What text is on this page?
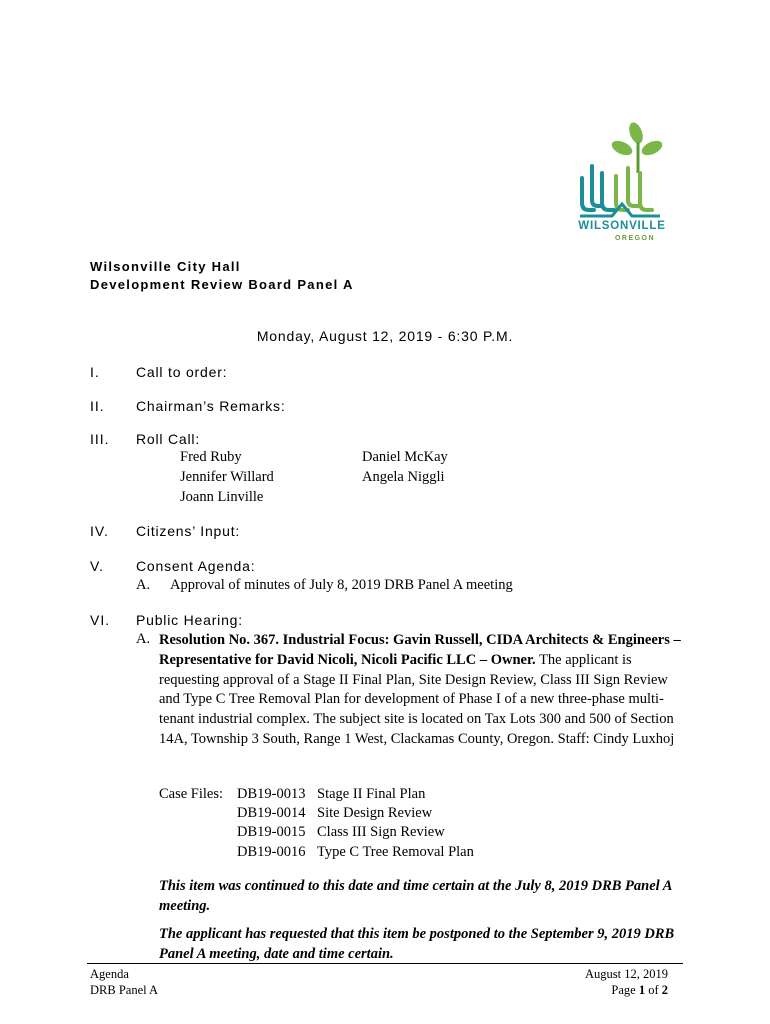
WILSONVILLE
OREGON
Wilsonville City Hall
Development Review Board Panel A
Monday, August 12, 2019 - 6:30 P.M.
I.	Call to order:
II. Chairman’s Remarks:
III. Roll Call:
Fred Ruby
Jennifer Willard
Joann Linville
Daniel McKay
Angela Niggli
IV. Citizens’ Input:
V. Consent Agenda:
A. Approval of minutes of July 8, 2019 DRB Panel A meeting
VI. Public Hearing:
A. Resolution No. 367. Industrial Focus: Gavin Russell, CIDA Architects & Engineers – Representative for David Nicoli, Nicoli Pacific LLC – Owner. The applicant is requesting approval of a Stage II Final Plan, Site Design Review, Class III Sign Review and Type C Tree Removal Plan for development of Phase I of a new three-phase multi-tenant industrial complex. The subject site is located on Tax Lots 300 and 500 of Section 14A, Township 3 South, Range 1 West, Clackamas County, Oregon. Staff: Cindy Luxhoj
Case Files: DB19-0013 Stage II Final Plan
DB19-0014 Site Design Review
DB19-0015 Class III Sign Review
DB19-0016 Type C Tree Removal Plan
This item was continued to this date and time certain at the July 8, 2019 DRB Panel A meeting.
The applicant has requested that this item be postponed to the September 9, 2019 DRB Panel A meeting, date and time certain.
Agenda
DRB Panel A
August 12, 2019
Page 1 of 2
